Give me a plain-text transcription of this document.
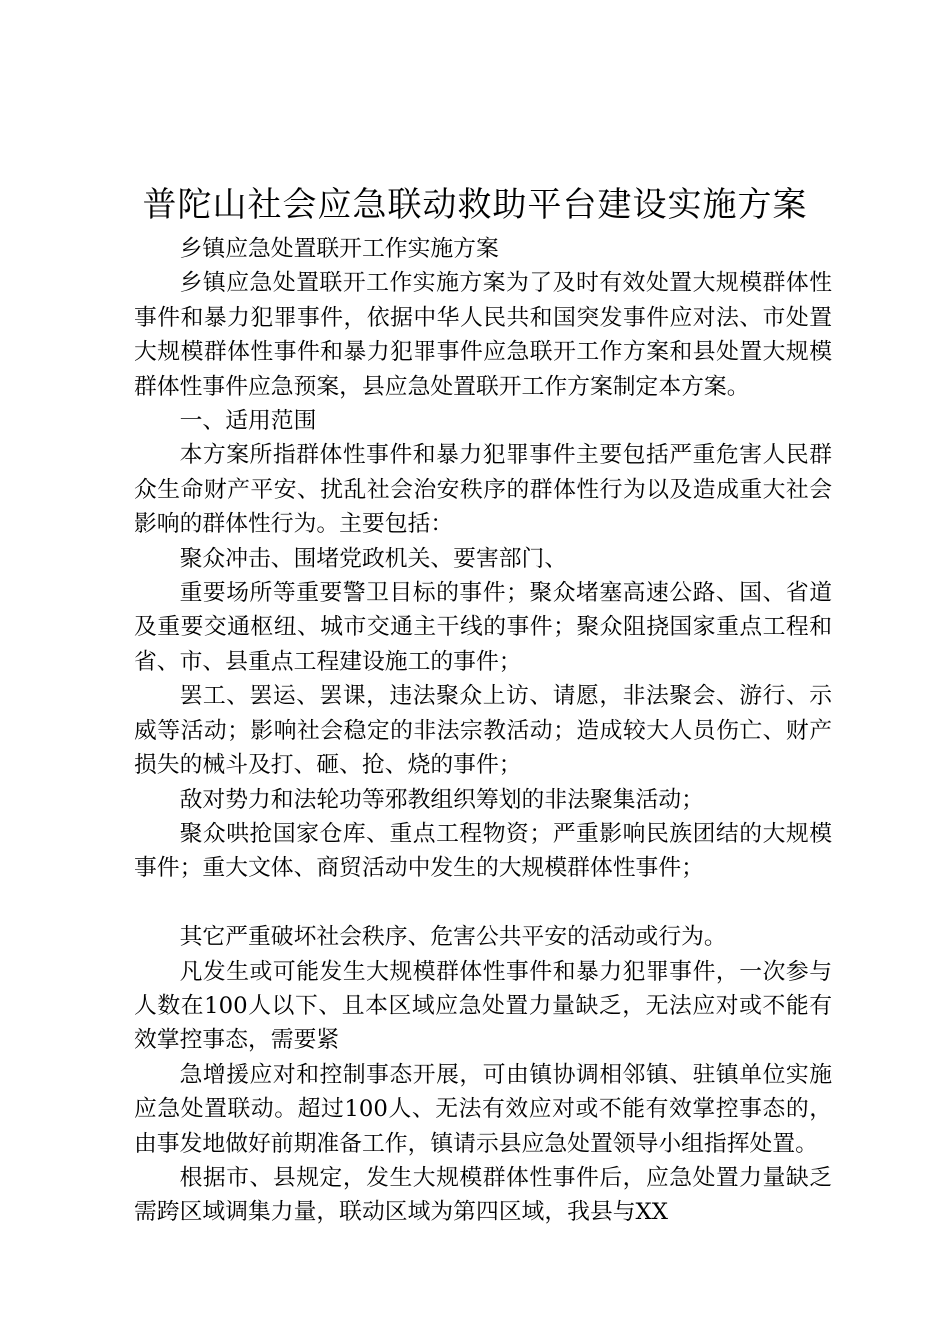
普陀山社会应急联动救助平台建设实施方案

乡镇应急处置联开工作实施方案

乡镇应急处置联开工作实施方案为了及时有效处置大规模群体性事件和暴力犯罪事件，依据中华人民共和国突发事件应对法、市处置大规模群体性事件和暴力犯罪事件应急联开工作方案和县处置大规模群体性事件应急预案，县应急处置联开工作方案制定本方案。

一、适用范围

本方案所指群体性事件和暴力犯罪事件主要包括严重危害人民群众生命财产平安、扰乱社会治安秩序的群体性行为以及造成重大社会影响的群体性行为。主要包括：

聚众冲击、围堵党政机关、要害部门、

重要场所等重要警卫目标的事件；聚众堵塞高速公路、国、省道及重要交通枢纽、城市交通主干线的事件；聚众阻挠国家重点工程和省、市、县重点工程建设施工的事件；

罢工、罢运、罢课，违法聚众上访、请愿，非法聚会、游行、示威等活动；影响社会稳定的非法宗教活动；造成较大人员伤亡、财产损失的械斗及打、砸、抢、烧的事件；

敌对势力和法轮功等邪教组织筹划的非法聚集活动；

聚众哄抢国家仓库、重点工程物资；严重影响民族团结的大规模事件；重大文体、商贸活动中发生的大规模群体性事件；

其它严重破坏社会秩序、危害公共平安的活动或行为。

凡发生或可能发生大规模群体性事件和暴力犯罪事件，一次参与人数在100人以下、且本区域应急处置力量缺乏，无法应对或不能有效掌控事态，需要紧

急增援应对和控制事态开展，可由镇协调相邻镇、驻镇单位实施应急处置联动。超过100人、无法有效应对或不能有效掌控事态的，由事发地做好前期准备工作，镇请示县应急处置领导小组指挥处置。

根据市、县规定，发生大规模群体性事件后，应急处置力量缺乏需跨区域调集力量，联动区域为第四区域，我县与XX
